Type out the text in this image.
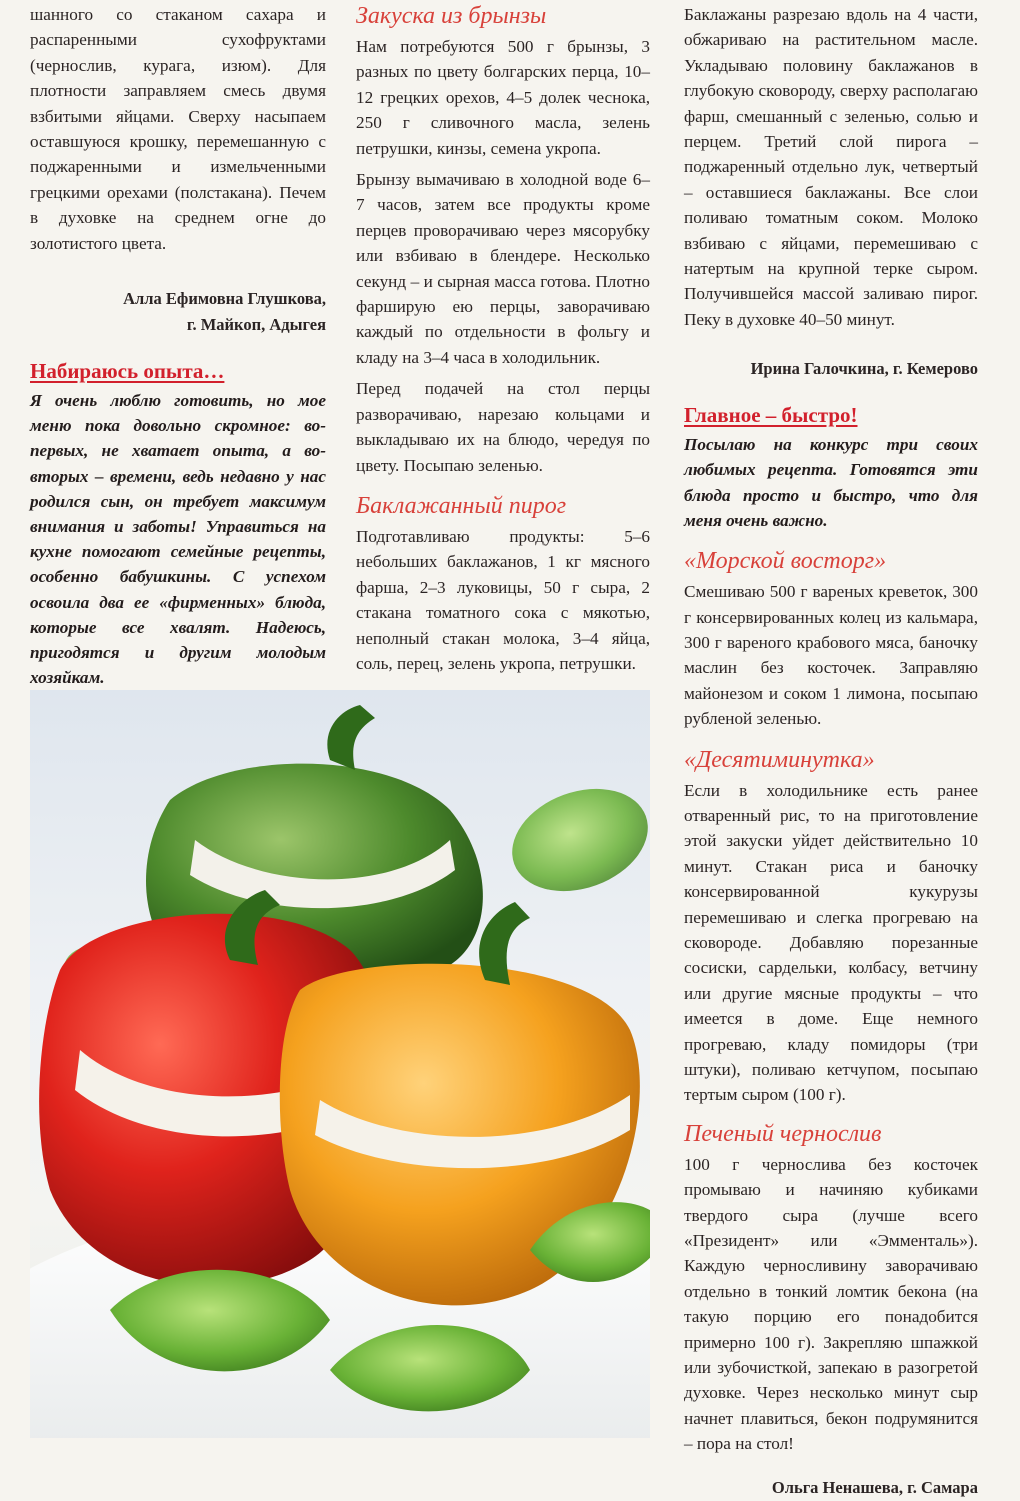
шанного со стаканом сахара и распаренными сухофруктами (чернослив, курага, изюм). Для плотности заправляем смесь двумя взбитыми яйцами. Сверху насыпаем оставшуюся крошку, перемешанную с поджаренными и измельченными грецкими орехами (полстакана). Печем в духовке на среднем огне до золотистого цвета.

Алла Ефимовна Глушкова,
г. Майкоп, Адыгея
Набираюсь опыта…

Я очень люблю готовить, но мое меню пока довольно скромное: во-первых, не хватает опыта, а во-вторых – времени, ведь недавно у нас родился сын, он требует максимум внимания и заботы! Управиться на кухне помогают семейные рецепты, особенно бабушкины. С успехом освоила два ее «фирменных» блюда, которые все хвалят. Надеюсь, пригодятся и другим молодым хозяйкам.

Закуска из брынзы

Нам потребуются 500 г брынзы, 3 разных по цвету болгарских перца, 10–12 грецких орехов, 4–5 долек чеснока, 250 г сливочного масла, зелень петрушки, кинзы, семена укропа.

Брынзу вымачиваю в холодной воде 6–7 часов, затем все продукты кроме перцев проворачиваю через мясорубку или взбиваю в блендере. Несколько секунд – и сырная масса готова. Плотно фарширую ею перцы, заворачиваю каждый по отдельности в фольгу и кладу на 3–4 часа в холодильник.

Перед подачей на стол перцы разворачиваю, нарезаю кольцами и выкладываю их на блюдо, чередуя по цвету. Посыпаю зеленью.

Баклажанный пирог

Подготавливаю продукты: 5–6 небольших баклажанов, 1 кг мясного фарша, 2–3 луковицы, 50 г сыра, 2 стакана томатного сока с мякотью, неполный стакан молока, 3–4 яйца, соль, перец, зелень укропа, петрушки.

Баклажаны разрезаю вдоль на 4 части, обжариваю на растительном масле. Укладываю половину баклажанов в глубокую сковороду, сверху располагаю фарш, смешанный с зеленью, солью и перцем. Третий слой пирога – поджаренный отдельно лук, четвертый – оставшиеся баклажаны. Все слои поливаю томатным соком. Молоко взбиваю с яйцами, перемешиваю с натертым на крупной терке сыром. Получившейся массой заливаю пирог. Пеку в духовке 40–50 минут.

Ирина Галочкина, г. Кемерово
Главное – быстро!

Посылаю на конкурс три своих любимых рецепта. Готовятся эти блюда просто и быстро, что для меня очень важно.

«Морской восторг»

Смешиваю 500 г вареных креветок, 300 г консервированных колец из кальмара, 300 г вареного крабового мяса, баночку маслин без косточек. Заправляю майонезом и соком 1 лимона, посыпаю рубленой зеленью.

«Десятиминутка»

Если в холодильнике есть ранее отваренный рис, то на приготовление этой закуски уйдет действительно 10 минут. Стакан риса и баночку консервированной кукурузы перемешиваю и слегка прогреваю на сковороде. Добавляю порезанные сосиски, сардельки, колбасу, ветчину или другие мясные продукты – что имеется в доме. Еще немного прогреваю, кладу помидоры (три штуки), поливаю кетчупом, посыпаю тертым сыром (100 г).

Печеный чернослив

100 г чернослива без косточек промываю и начиняю кубиками твердого сыра (лучше всего «Президент» или «Эмменталь»). Каждую черносливину заворачиваю отдельно в тонкий ломтик бекона (на такую порцию его понадобится примерно 100 г). Закрепляю шпажкой или зубочисткой, запекаю в разогретой духовке. Через несколько минут сыр начнет плавиться, бекон подрумянится – пора на стол!

Ольга Ненашева, г. Самара
